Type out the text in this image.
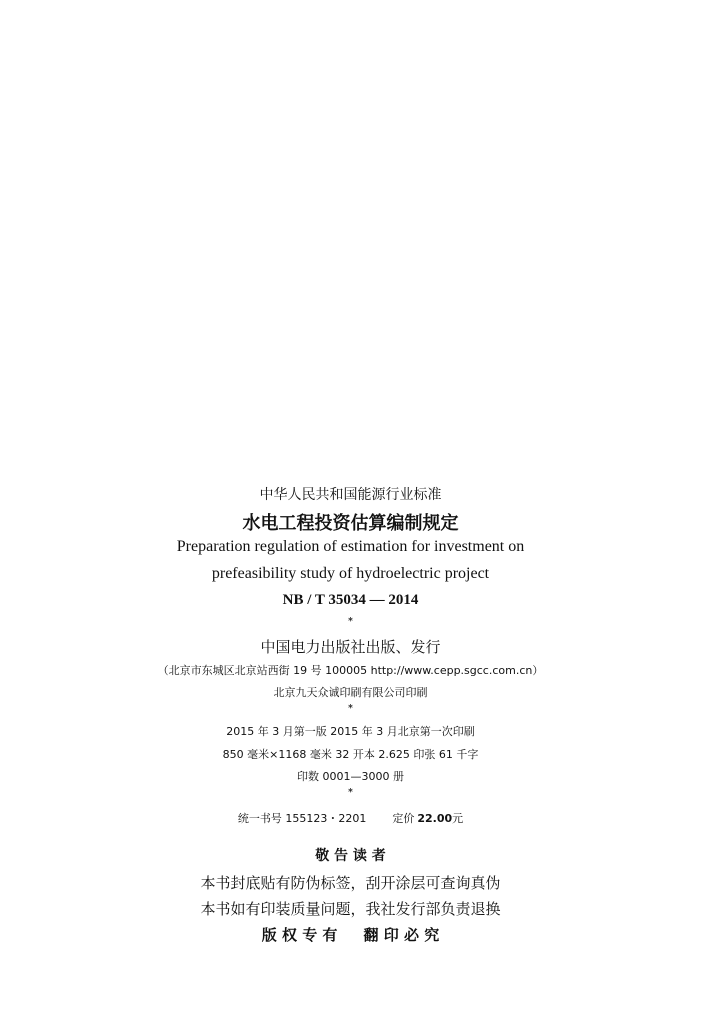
中华人民共和国能源行业标准
水电工程投资估算编制规定
Preparation regulation of estimation for investment on
prefeasibility study of hydroelectric project
NB / T 35034 — 2014
*
中国电力出版社出版、发行
（北京市东城区北京站西街 19 号 100005 http://www.cepp.sgcc.com.cn）
北京九天众诚印刷有限公司印刷
*
2015 年 3 月第一版 2015 年 3 月北京第一次印刷
850 毫米×1168 毫米 32 开本 2.625 印张 61 千字
印数 0001—3000 册
*
统一书号 155123・2201 定价 22.00元
敬 告 读 者
本书封底贴有防伪标签，刮开涂层可查询真伪
本书如有印装质量问题，我社发行部负责退换
版 权 专 有     翻 印 必 究
